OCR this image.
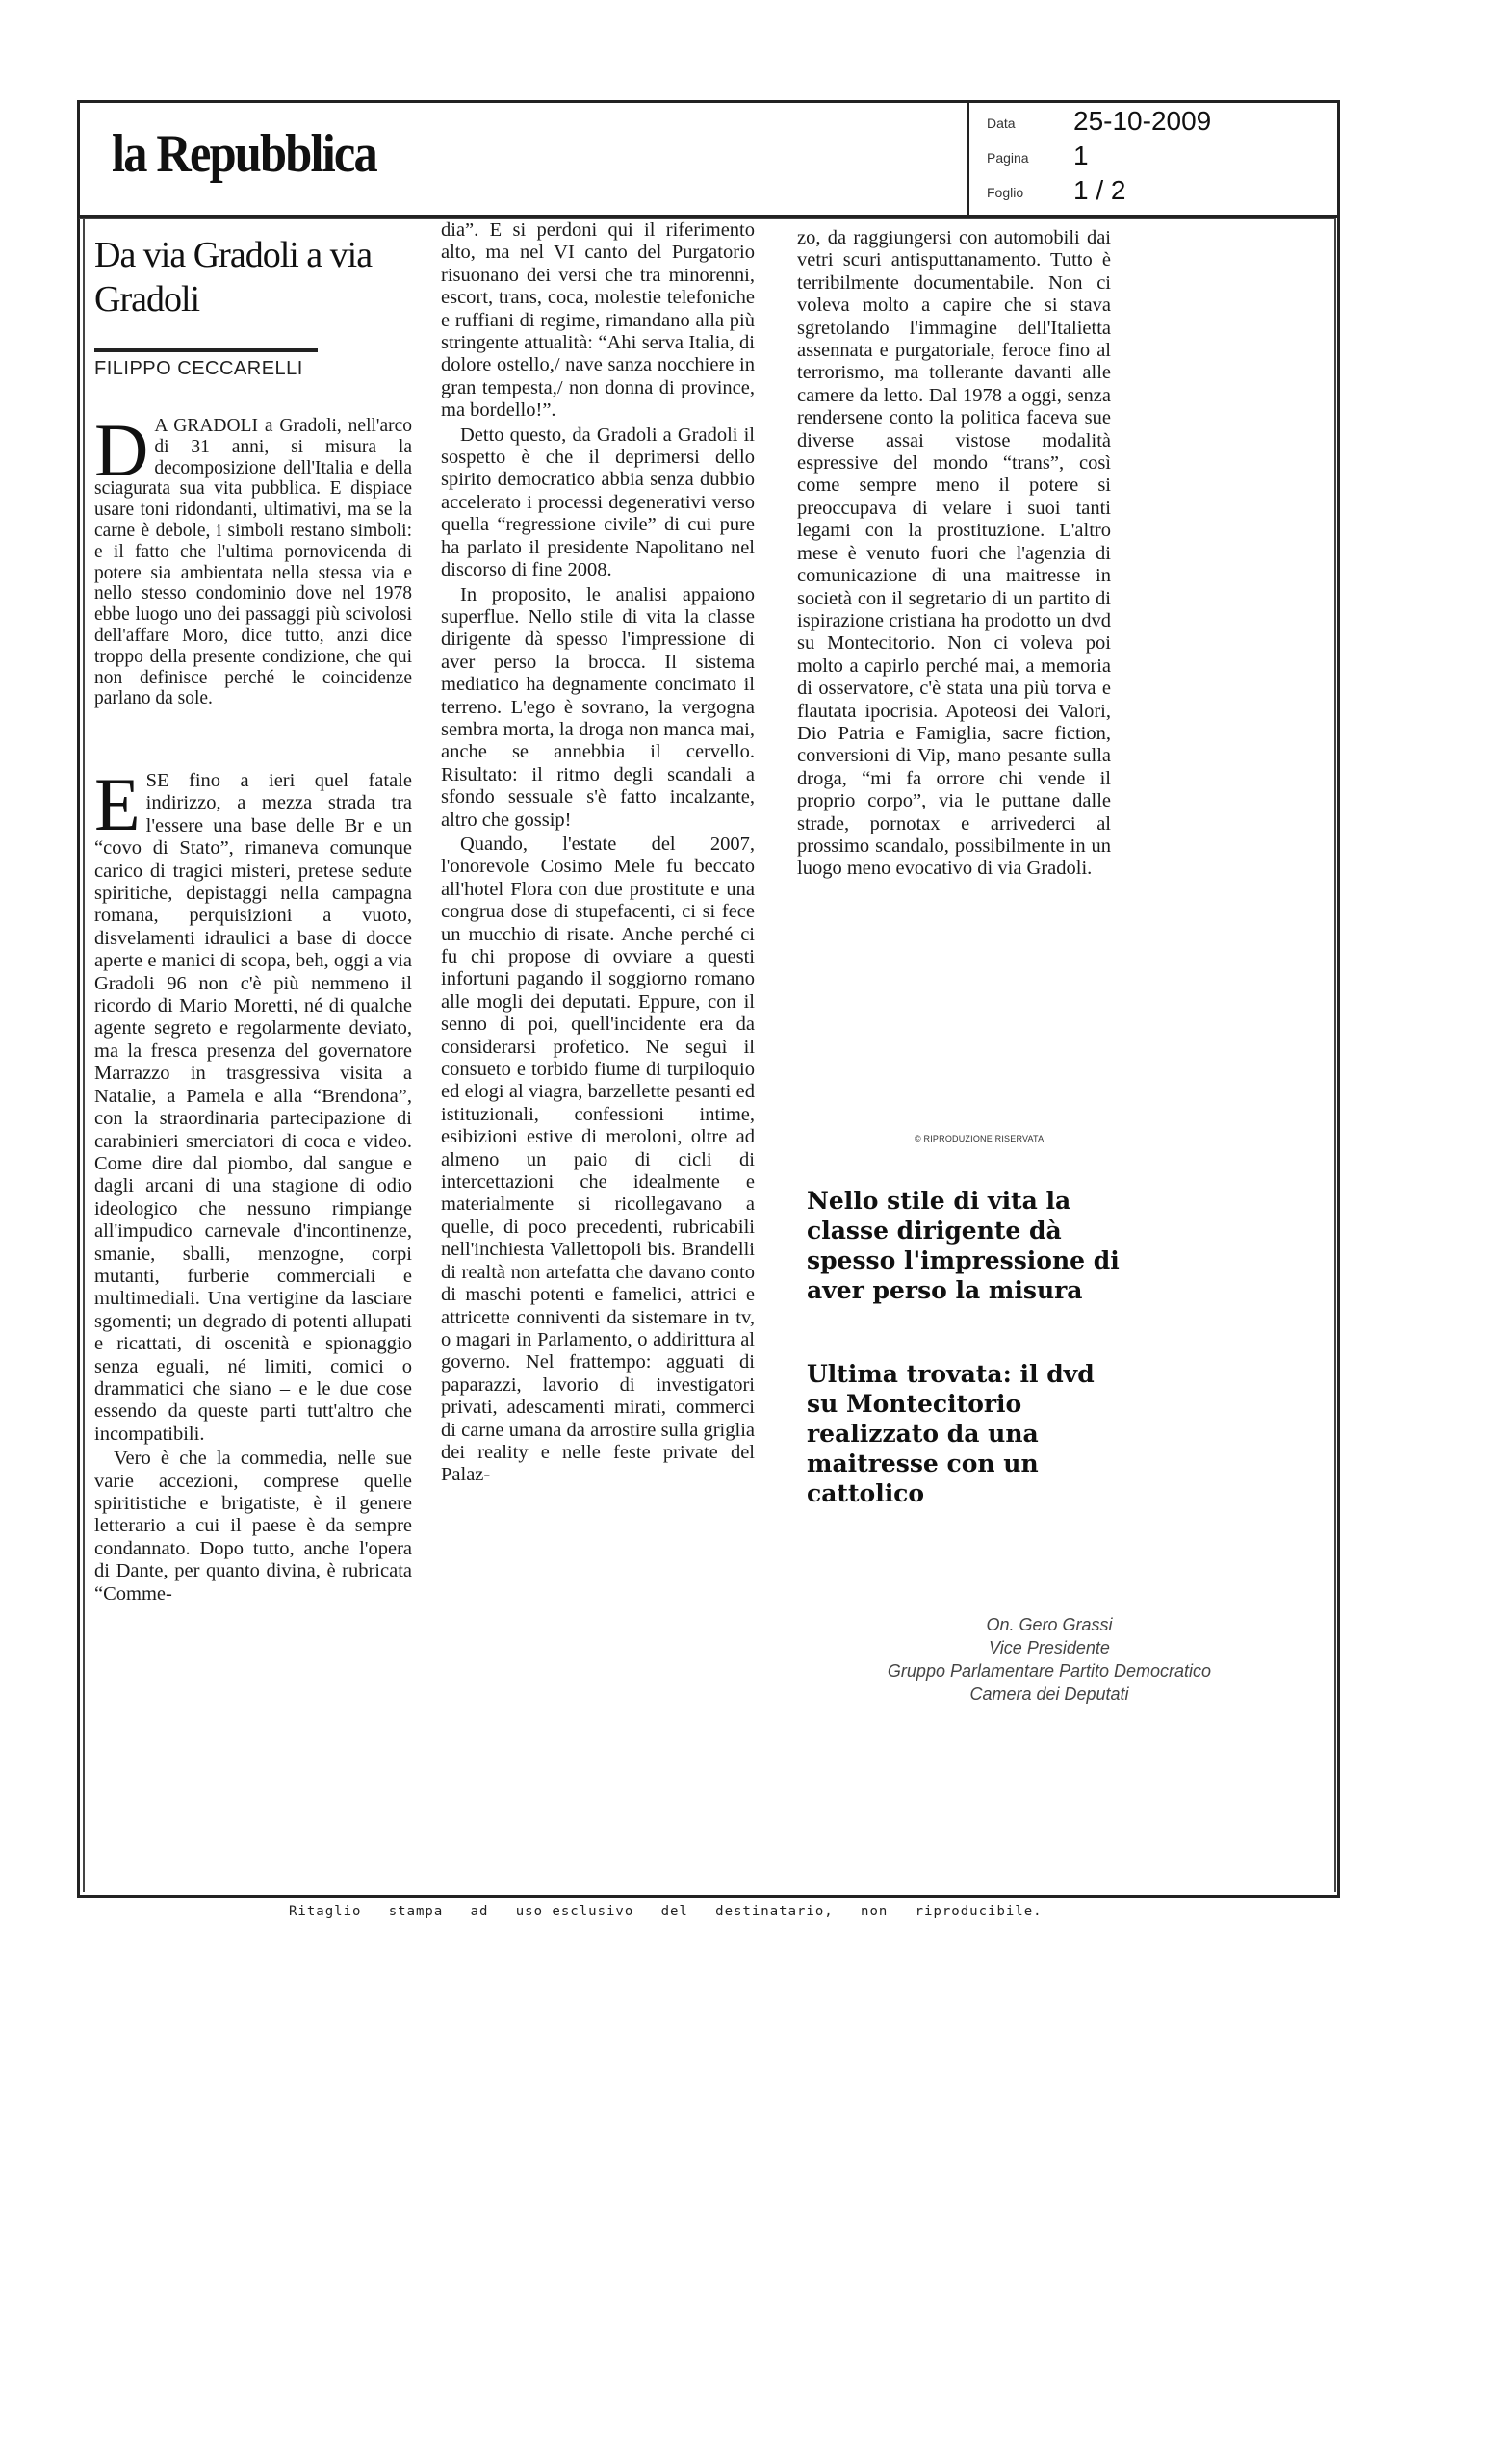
la Repubblica
Data 25-10-2009
Pagina 1
Foglio 1 / 2
Da via Gradoli a via Gradoli
FILIPPO CECCARELLI
D A GRADOLI a Gradoli, nell'arco di 31 anni, si misura la decomposizione dell'Italia e della sciagurata sua vita pubblica. E dispiace usare toni ridondanti, ultimativi, ma se la carne è debole, i simboli restano simboli: e il fatto che l'ultima pornovicenda di potere sia ambientata nella stessa via e nello stesso condominio dove nel 1978 ebbe luogo uno dei passaggi più scivolosi dell'affare Moro, dice tutto, anzi dice troppo della presente condizione, che qui non definisce perché le coincidenze parlano da sole.

E SE fino a ieri quel fatale indirizzo, a mezza strada tra l'essere una base delle Br e un “covo di Stato”, rimaneva comunque carico di tragici misteri, pretese sedute spiritiche, depistaggi nella campagna romana, perquisizioni a vuoto, disvelamenti idraulici a base di docce aperte e manici di scopa, beh, oggi a via Gradoli 96 non c'è più nemmeno il ricordo di Mario Moretti, né di qualche agente segreto e regolarmente deviato, ma la fresca presenza del governatore Marrazzo in trasgressiva visita a Natalie, a Pamela e alla “Brendona”, con la straordinaria partecipazione di carabinieri smerciatori di coca e video. Come dire dal piombo, dal sangue e dagli arcani di una stagione di odio ideologico che nessuno rimpiange all'impudico carnevale d'incontinenze, smanie, sballi, menzogne, corpi mutanti, furberie commerciali e multimediali. Una vertigine da lasciare sgomenti; un degrado di potenti allupati e ricattati, di oscenità e spionaggio senza eguali, né limiti, comici o drammatici che siano – e le due cose essendo da queste parti tutt'altro che incompatibili.

Vero è che la commedia, nelle sue varie accezioni, comprese quelle spiritistiche e brigatiste, è il genere letterario a cui il paese è da sempre condannato. Dopo tutto, anche l'opera di Dante, per quanto divina, è rubricata “Comme-

dia”. E si perdoni qui il riferimento alto, ma nel VI canto del Purgatorio risuonano dei versi che tra minorenni, escort, trans, coca, molestie telefoniche e ruffiani di regime, rimandano alla più stringente attualità: “Ahi serva Italia, di dolore ostello,/ nave sanza nocchiere in gran tempesta,/ non donna di province, ma bordello!”.

Detto questo, da Gradoli a Gradoli il sospetto è che il deprimersi dello spirito democratico abbia senza dubbio accelerato i processi degenerativi verso quella “regressione civile” di cui pure ha parlato il presidente Napolitano nel discorso di fine 2008.

In proposito, le analisi appaiono superflue. Nello stile di vita la classe dirigente dà spesso l'impressione di aver perso la brocca. Il sistema mediatico ha degnamente concimato il terreno. L'ego è sovrano, la vergogna sembra morta, la droga non manca mai, anche se annebbia il cervello. Risultato: il ritmo degli scandali a sfondo sessuale s'è fatto incalzante, altro che gossip!

Quando, l'estate del 2007, l'onorevole Cosimo Mele fu beccato all'hotel Flora con due prostitute e una congrua dose di stupefacenti, ci si fece un mucchio di risate. Anche perché ci fu chi propose di ovviare a questi infortuni pagando il soggiorno romano alle mogli dei deputati. Eppure, con il senno di poi, quell'incidente era da considerarsi profetico. Ne seguì il consueto e torbido fiume di turpiloquio ed elogi al viagra, barzellette pesanti ed istituzionali, confessioni intime, esibizioni estive di meroloni, oltre ad almeno un paio di cicli di intercettazioni che idealmente e materialmente si ricollegavano a quelle, di poco precedenti, rubricabili nell'inchiesta Vallettopoli bis. Brandelli di realtà non artefatta che davano conto di maschi potenti e famelici, attrici e attricette conniventi da sistemare in tv, o magari in Parlamento, o addirittura al governo. Nel frattempo: agguati di paparazzi, lavorio di investigatori privati, adescamenti mirati, commerci di carne umana da arrostire sulla griglia dei reality e nelle feste private del Palaz-

zo, da raggiungersi con automobili dai vetri scuri antisputtanamento. Tutto è terribilmente documentabile. Non ci voleva molto a capire che si stava sgretolando l'immagine dell'Italietta assennata e purgatoriale, feroce fino al terrorismo, ma tollerante davanti alle camere da letto. Dal 1978 a oggi, senza rendersene conto la politica faceva sue diverse assai vistose modalità espressive del mondo “trans”, così come sempre meno il potere si preoccupava di velare i suoi tanti legami con la prostituzione. L'altro mese è venuto fuori che l'agenzia di comunicazione di una maitresse in società con il segretario di un partito di ispirazione cristiana ha prodotto un dvd su Montecitorio. Non ci voleva poi molto a capirlo perché mai, a memoria di osservatore, c'è stata una più torva e flautata ipocrisia. Apoteosi dei Valori, Dio Patria e Famiglia, sacre fiction, conversioni di Vip, mano pesante sulla droga, “mi fa orrore chi vende il proprio corpo”, via le puttane dalle strade, pornotax e arrivederci al prossimo scandalo, possibilmente in un luogo meno evocativo di via Gradoli.

© RIPRODUZIONE RISERVATA
Nello stile di vita la classe dirigente dà spesso l'impressione di aver perso la misura
Ultima trovata: il dvd su Montecitorio realizzato da una maitresse con un cattolico
On. Gero Grassi
Vice Presidente
Gruppo Parlamentare Partito Democratico
Camera dei Deputati
Ritaglio   stampa   ad   uso esclusivo   del   destinatario,   non   riproducibile.
